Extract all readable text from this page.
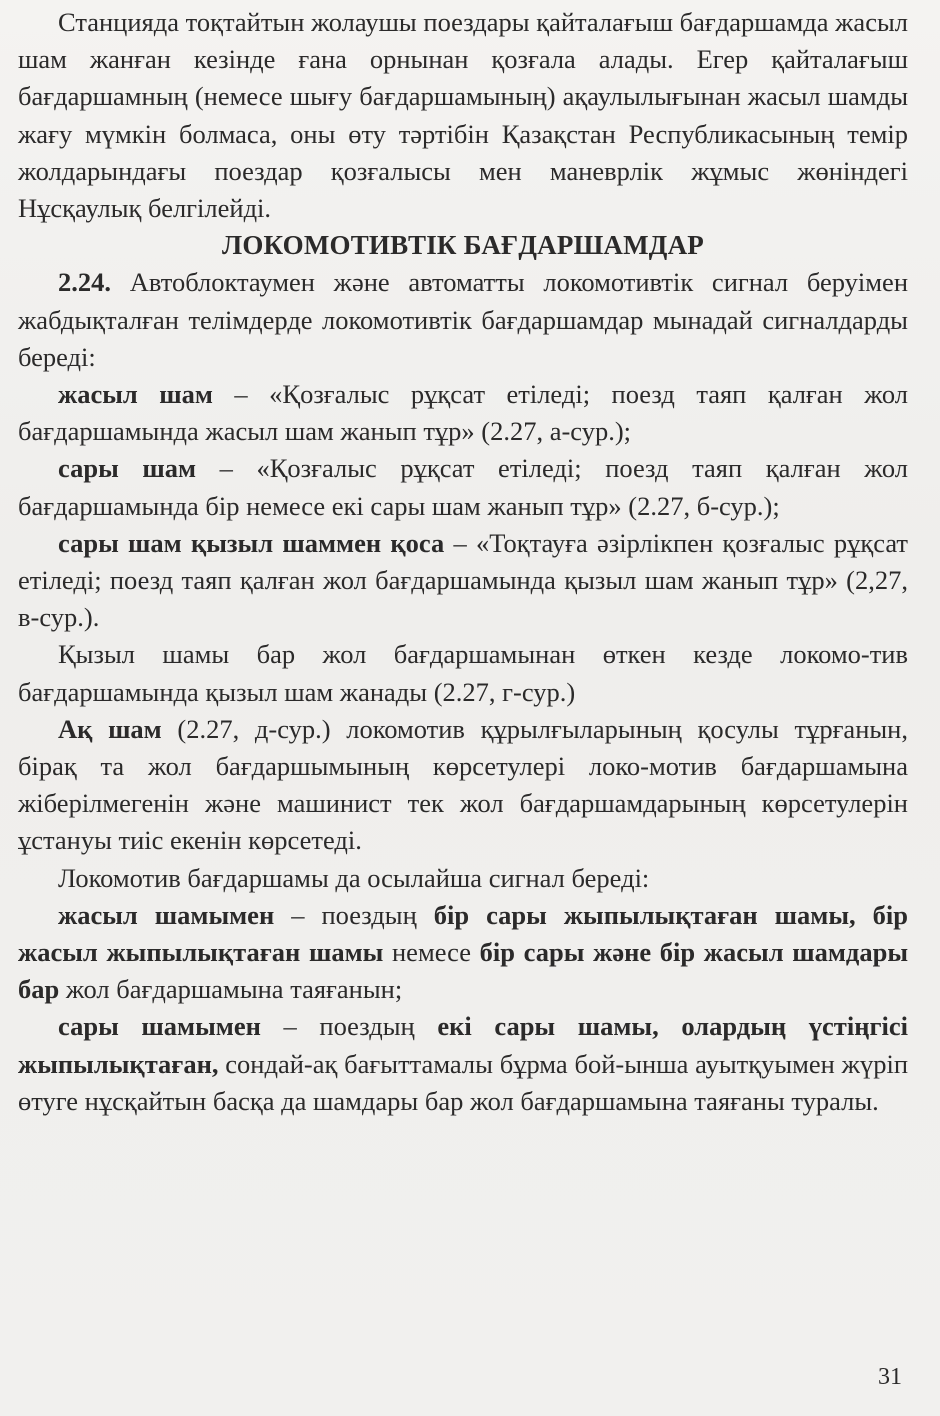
Станцияда тоқтайтын жолаушы поездары қайталағыш бағдаршамда жасыл шам жанған кезінде ғана орнынан қозғала алады. Егер қайталағыш бағдаршамның (немесе шығу бағдаршамының) ақаулылығынан жасыл шамды жағу мүмкін болмаса, оны өту тәртібін Қазақстан Республикасының темір жолдарындағы поездар қозғалысы мен маневрлік жұмыс жөніндегі Нұсқаулық белгілейді.

ЛОКОМОТИВТІК БАҒДАРШАМДАР

2.24. Автоблоктаумен және автоматты локомотивтік сигнал беруімен жабдықталған телімдерде локомотивтік бағдаршамдар мынадай сигналдарды береді:

жасыл шам – «Қозғалыс рұқсат етіледі; поезд таяп қалған жол бағдаршамында жасыл шам жанып тұр» (2.27, а-сур.);

сары шам – «Қозғалыс рұқсат етіледі; поезд таяп қалған жол бағдаршамында бір немесе екі сары шам жанып тұр» (2.27, б-сур.);

сары шам қызыл шаммен қоса – «Тоқтауға әзірлікпен қозғалыс рұқсат етіледі; поезд таяп қалған жол бағдаршамында қызыл шам жанып тұр» (2,27, в-сур.).

Қызыл шамы бар жол бағдаршамынан өткен кезде локомо-тив бағдаршамында қызыл шам жанады (2.27, г-сур.)

Ақ шам (2.27, д-сур.) локомотив құрылғыларының қосулы тұрғанын, бірақ та жол бағдаршымының көрсетулері локо-мотив бағдаршамына жіберілмегенін және машинист тек жол бағдаршамдарының көрсетулерін ұстануы тиіс екенін көрсетеді.

Локомотив бағдаршамы да осылайша сигнал береді:

жасыл шамымен – поездың бір сары жыпылықтаған шамы, бір жасыл жыпылықтаған шамы немесе бір сары және бір жасыл шамдары бар жол бағдаршамына таяғанын;

сары шамымен – поездың екі сары шамы, олардың үстіңгісі жыпылықтаған, сондай-ақ бағыттамалы бұрма бой-ынша ауытқуымен жүріп өтуге нұсқайтын басқа да шамдары бар жол бағдаршамына таяғаны туралы.

31
